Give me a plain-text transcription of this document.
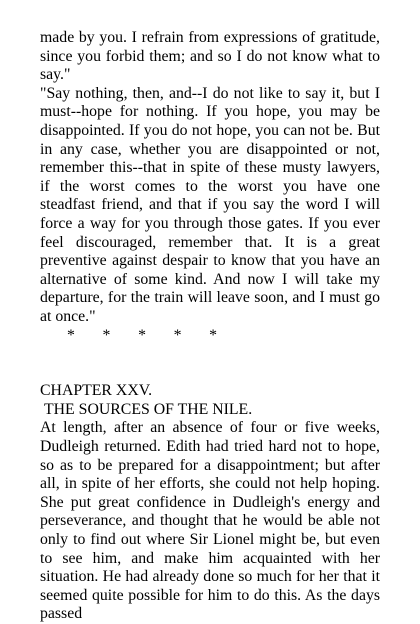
made by you. I refrain from expressions of gratitude, since you forbid them; and so I do not know what to say."

"Say nothing, then, and--I do not like to say it, but I must--hope for nothing. If you hope, you may be disappointed. If you do not hope, you can not be. But in any case, whether you are disappointed or not, remember this--that in spite of these musty lawyers, if the worst comes to the worst you have one steadfast friend, and that if you say the word I will force a way for you through those gates. If you ever feel discouraged, remember that. It is a great preventive against despair to know that you have an alternative of some kind. And now I will take my departure, for the train will leave soon, and I must go at once."

*       *       *       *       *

CHAPTER XXV.
THE SOURCES OF THE NILE.

At length, after an absence of four or five weeks, Dudleigh returned. Edith had tried hard not to hope, so as to be prepared for a disappointment; but after all, in spite of her efforts, she could not help hoping. She put great confidence in Dudleigh's energy and perseverance, and thought that he would be able not only to find out where Sir Lionel might be, but even to see him, and make him acquainted with her situation. He had already done so much for her that it seemed quite possible for him to do this. As the days passed
